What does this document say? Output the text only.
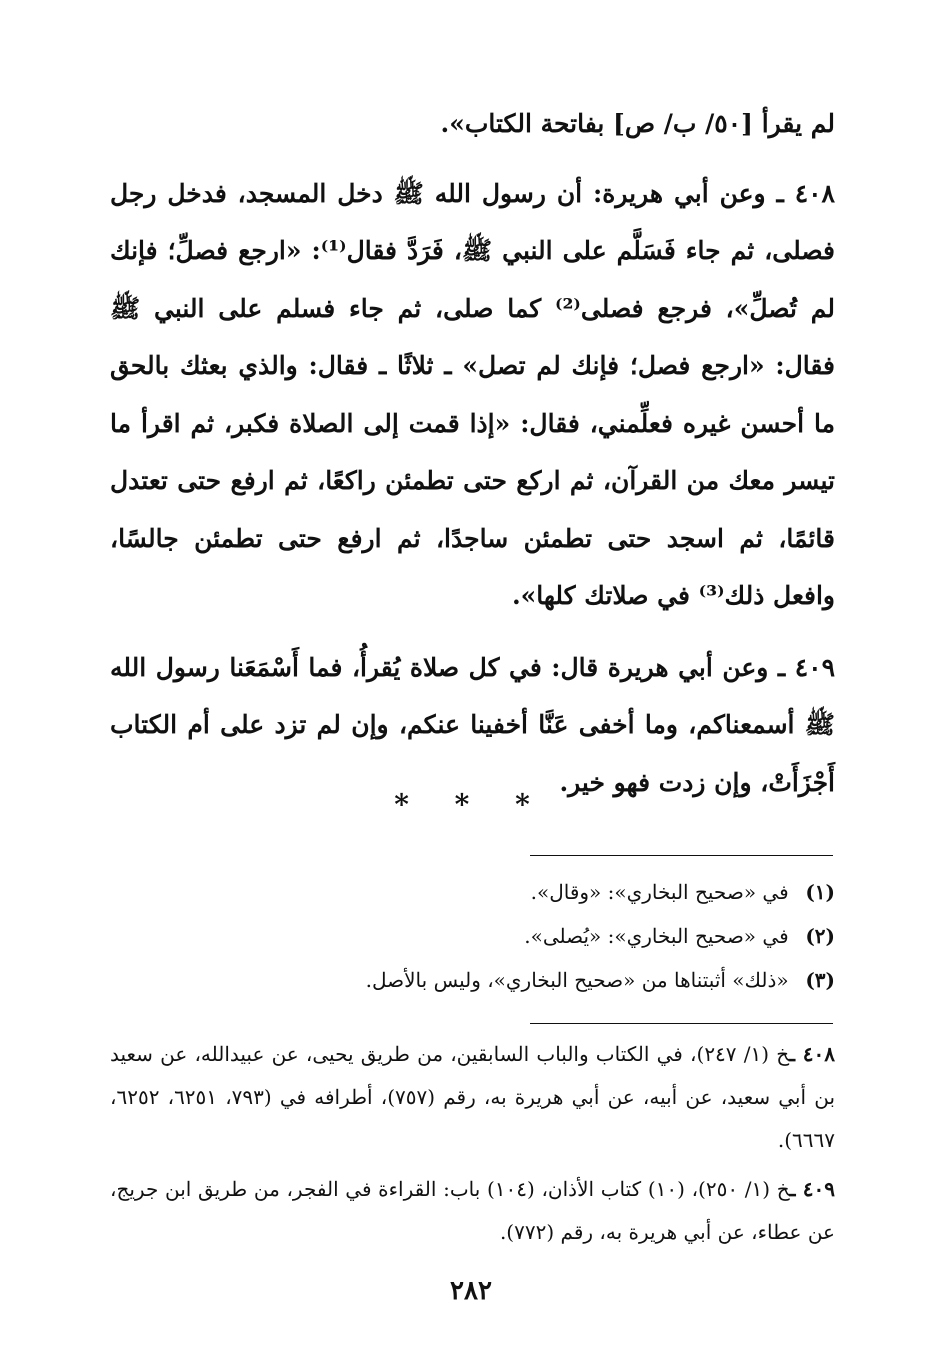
لم يقرأ [٥٠/ ب/ ص] بفاتحة الكتاب».

٤٠٨ ـ وعن أبي هريرة: أن رسول الله ﷺ دخل المسجد، فدخل رجل فصلى، ثم جاء فَسَلَّم على النبي ﷺ، فَرَدَّ فقال⁽¹⁾: «ارجع فصلِّ؛ فإنك لم تُصلِّ»، فرجع فصلى⁽²⁾ كما صلى، ثم جاء فسلم على النبي ﷺ فقال: «ارجع فصل؛ فإنك لم تصل» ـ ثلاثًا ـ فقال: والذي بعثك بالحق ما أحسن غيره فعلِّمني، فقال: «إذا قمت إلى الصلاة فكبر، ثم اقرأ ما تيسر معك من القرآن، ثم اركع حتى تطمئن راكعًا، ثم ارفع حتى تعتدل قائمًا، ثم اسجد حتى تطمئن ساجدًا، ثم ارفع حتى تطمئن جالسًا، وافعل ذلك⁽³⁾ في صلاتك كلها».

٤٠٩ ـ وعن أبي هريرة قال: في كل صلاة يُقرأُ، فما أَسْمَعَنا رسول الله ﷺ أسمعناكم، وما أخفى عَنَّا أخفينا عنكم، وإن لم تزد على أم الكتاب أَجْزَأَتْ، وإن زدت فهو خير.

* * *
(١) في «صحيح البخاري»: «وقال».
(٢) في «صحيح البخاري»: «يُصلى».
(٣) «ذلك» أثبتناها من «صحيح البخاري»، وليس بالأصل.

٤٠٨ ـخ (١/ ٢٤٧)، في الكتاب والباب السابقين، من طريق يحيى، عن عبيدالله، عن سعيد بن أبي سعيد، عن أبيه، عن أبي هريرة به، رقم (٧٥٧)، أطرافه في (٧٩٣، ٦٢٥١، ٦٢٥٢، ٦٦٦٧).

٤٠٩ ـخ (١/ ٢٥٠)، (١٠) كتاب الأذان، (١٠٤) باب: القراءة في الفجر، من طريق ابن جريج، عن عطاء، عن أبي هريرة به، رقم (٧٧٢).

٢٨٢
